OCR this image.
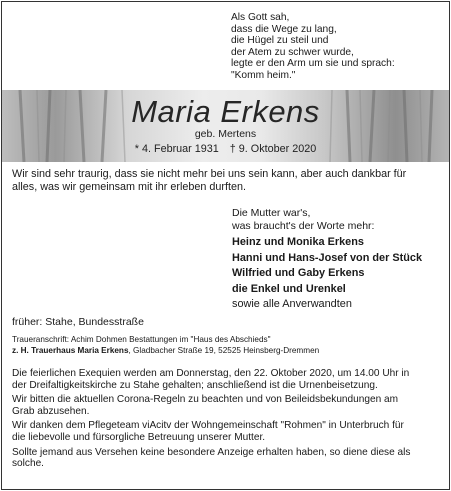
Als Gott sah,
dass die Wege zu lang,
die Hügel zu steil und
der Atem zu schwer wurde,
legte er den Arm um sie und sprach:
"Komm heim."
Maria Erkens
geb. Mertens
* 4. Februar 1931 † 9. Oktober 2020
Wir sind sehr traurig, dass sie nicht mehr bei uns sein kann, aber auch dankbar für
alles, was wir gemeinsam mit ihr erleben durften.
Die Mutter war's,
was braucht's der Worte mehr:
Heinz und Monika Erkens
Hanni und Hans-Josef von der Stück
Wilfried und Gaby Erkens
die Enkel und Urenkel
sowie alle Anverwandten
früher: Stahe, Bundesstraße
Traueranschrift: Achim Dohmen Bestattungen im "Haus des Abschieds"
z. H. Trauerhaus Maria Erkens, Gladbacher Straße 19, 52525 Heinsberg-Dremmen
Die feierlichen Exequien werden am Donnerstag, den 22. Oktober 2020, um 14.00 Uhr in
der Dreifaltigkeitskirche zu Stahe gehalten; anschließend ist die Urnenbeisetzung.
Wir bitten die aktuellen Corona-Regeln zu beachten und von Beileidsbekundungen am
Grab abzusehen.
Wir danken dem Pflegeteam viAcitv der Wohngemeinschaft "Rohmen" in Unterbruch für
die liebevolle und fürsorgliche Betreuung unserer Mutter.
Sollte jemand aus Versehen keine besondere Anzeige erhalten haben, so diene diese als
solche.
